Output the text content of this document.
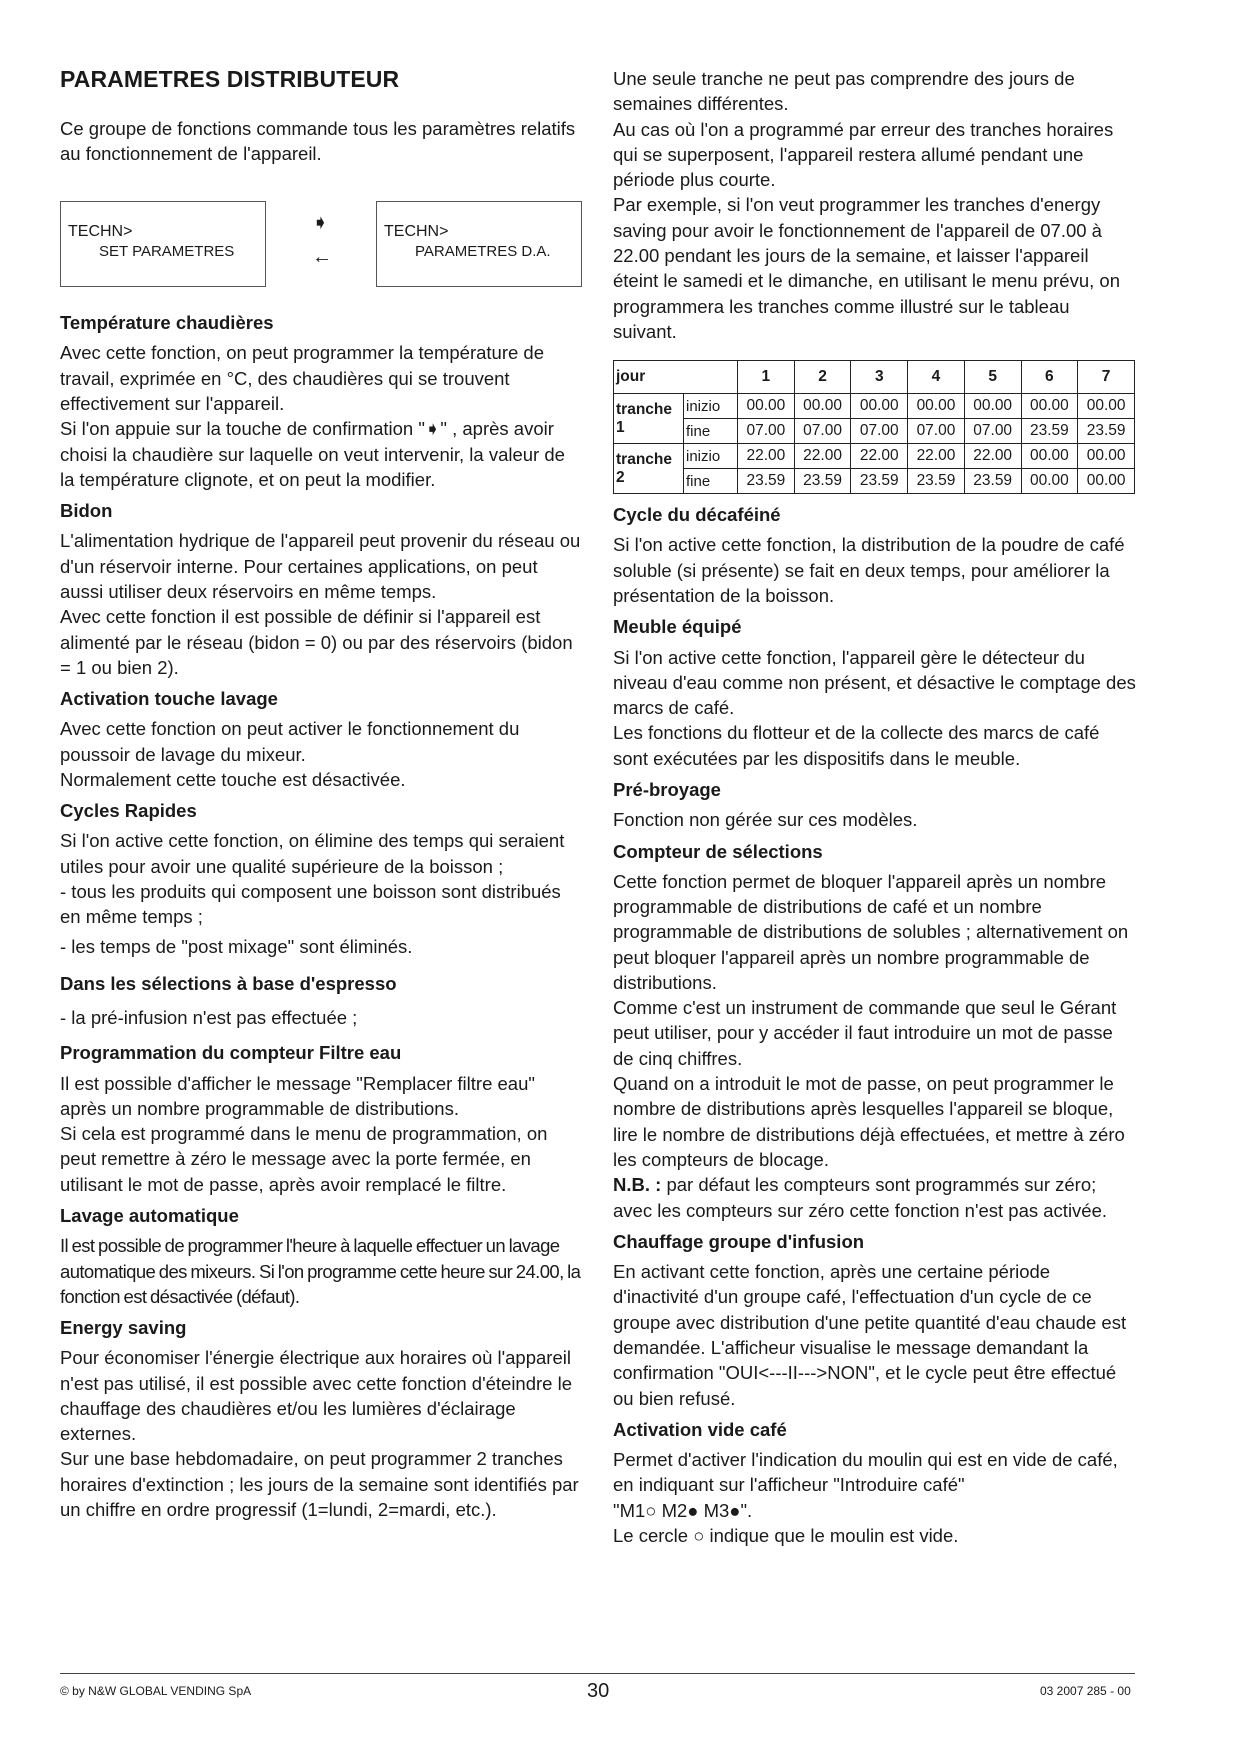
PARAMETRES DISTRIBUTEUR

Ce groupe de fonctions commande tous les paramètres relatifs au fonctionnement de l'appareil.

TECHN>
SET PARAMETRES
➧
←
TECHN>
PARAMETRES D.A.
Température chaudières

Avec cette fonction, on peut programmer la température de travail, exprimée en °C, des chaudières qui se trouvent effectivement sur l'appareil.

Si l'on appuie sur la touche de confirmation "➧" , après avoir choisi la chaudière sur laquelle on veut intervenir, la valeur de la température clignote, et on peut la modifier.

Bidon

L'alimentation hydrique de l'appareil peut provenir du réseau ou d'un réservoir interne. Pour certaines applications, on peut aussi utiliser deux réservoirs en même temps.

Avec cette fonction il est possible de définir si l'appareil est alimenté par le réseau (bidon = 0) ou par des réservoirs (bidon = 1 ou bien 2).

Activation touche lavage

Avec cette fonction on peut activer le fonctionnement du poussoir de lavage du mixeur.

Normalement cette touche est désactivée.

Cycles Rapides

Si l'on active cette fonction, on élimine des temps qui seraient utiles pour avoir une qualité supérieure de la boisson ;

- tous les produits qui composent une boisson sont distribués en même temps ;

- les temps de "post mixage" sont éliminés.

Dans les sélections à base d'espresso

- la pré-infusion n'est pas effectuée ;

Programmation du compteur Filtre eau

Il est possible d'afficher le message "Remplacer filtre eau" après un nombre programmable de distributions.

Si cela est programmé dans le menu de programmation, on peut remettre à zéro le message avec la porte fermée, en utilisant le mot de passe, après avoir remplacé le filtre.

Lavage automatique

Il est possible de programmer l'heure à laquelle effectuer un lavage automatique des mixeurs. Si l'on programme cette heure sur 24.00, la fonction est désactivée (défaut).

Energy saving

Pour économiser l'énergie électrique aux horaires où l'appareil n'est pas utilisé, il est possible avec cette fonction d'éteindre le chauffage des chaudières et/ou les lumières d'éclairage externes.

Sur une base hebdomadaire, on peut programmer 2 tranches horaires d'extinction ; les jours de la semaine sont identifiés par un chiffre en ordre progressif (1=lundi, 2=mardi, etc.).

Une seule tranche ne peut pas comprendre des jours de semaines différentes.

Au cas où l'on a programmé par erreur des tranches horaires qui se superposent, l'appareil restera allumé pendant une période plus courte.

Par exemple, si l'on veut programmer les tranches d'energy saving pour avoir le fonctionnement de l'appareil de 07.00 à 22.00 pendant les jours de la semaine, et laisser l'appareil éteint le samedi et le dimanche, en utilisant le menu prévu, on programmera les tranches comme illustré sur le tableau suivant.

jour		1	2	3	4	5	6	7
tranche 1	inizio	00.00	00.00	00.00	00.00	00.00	00.00	00.00
	fine	07.00	07.00	07.00	07.00	07.00	23.59	23.59
tranche 2	inizio	22.00	22.00	22.00	22.00	22.00	00.00	00.00
	fine	23.59	23.59	23.59	23.59	23.59	00.00	00.00
Cycle du décaféiné

Si l'on active cette fonction, la distribution de la poudre de café soluble (si présente) se fait en deux temps, pour améliorer la présentation de la boisson.

Meuble équipé

Si l'on active cette fonction, l'appareil gère le détecteur du niveau d'eau comme non présent, et désactive le comptage des marcs de café.

Les fonctions du flotteur et de la collecte des marcs de café sont exécutées par les dispositifs dans le meuble.

Pré-broyage

Fonction non gérée sur ces modèles.

Compteur de sélections

Cette fonction permet de bloquer l'appareil après un nombre programmable de distributions de café et un nombre programmable de distributions de solubles ; alternativement on peut bloquer l'appareil après un nombre programmable de distributions.

Comme c'est un instrument de commande que seul le Gérant peut utiliser, pour y accéder il faut introduire un mot de passe de cinq chiffres.

Quand on a introduit le mot de passe, on peut programmer le nombre de distributions après lesquelles l'appareil se bloque, lire le nombre de distributions déjà effectuées, et mettre à zéro les compteurs de blocage.

N.B. : par défaut les compteurs sont programmés sur zéro;

avec les compteurs sur zéro cette fonction n'est pas activée.

Chauffage groupe d'infusion

En activant cette fonction, après une certaine période d'inactivité d'un groupe café, l'effectuation d'un cycle de ce groupe avec distribution d'une petite quantité d'eau chaude est demandée. L'afficheur visualise le message demandant la confirmation "OUI<---II--->NON", et le cycle peut être effectué ou bien refusé.

Activation vide café

Permet d'activer l'indication du moulin qui est en vide de café, en indiquant sur l'afficheur "Introduire café"

"M1○ M2● M3●".

Le cercle ○ indique que le moulin est vide.

© by N&W GLOBAL VENDING SpA	30	03 2007 285 - 00
